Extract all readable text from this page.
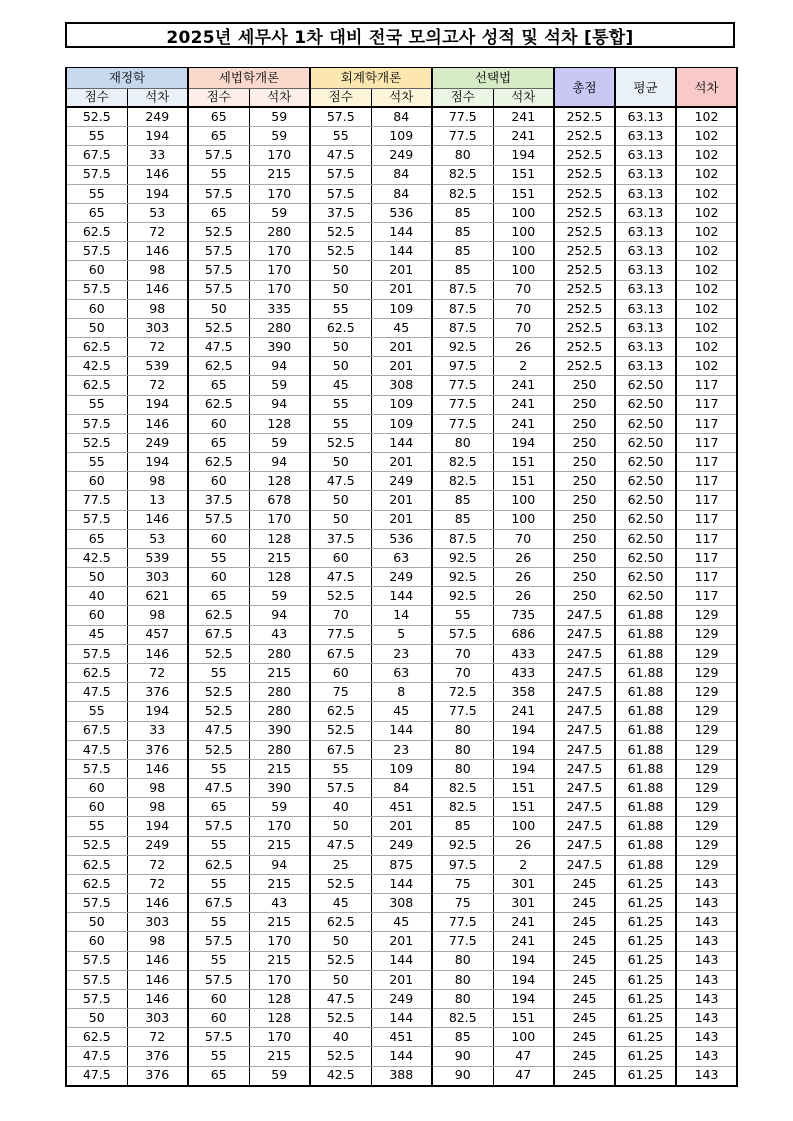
2025년 세무사 1차 대비 전국 모의고사 성적 및 석차 [통합]
재정학		세법학개론		회계학개론		선택법		총점	평균	석차
점수	석차	점수	석차	점수	석차	점수	석차			
52.5	249	65	59	57.5	84	77.5	241	252.5	63.13	102
55	194	65	59	55	109	77.5	241	252.5	63.13	102
67.5	33	57.5	170	47.5	249	80	194	252.5	63.13	102
57.5	146	55	215	57.5	84	82.5	151	252.5	63.13	102
55	194	57.5	170	57.5	84	82.5	151	252.5	63.13	102
65	53	65	59	37.5	536	85	100	252.5	63.13	102
62.5	72	52.5	280	52.5	144	85	100	252.5	63.13	102
57.5	146	57.5	170	52.5	144	85	100	252.5	63.13	102
60	98	57.5	170	50	201	85	100	252.5	63.13	102
57.5	146	57.5	170	50	201	87.5	70	252.5	63.13	102
60	98	50	335	55	109	87.5	70	252.5	63.13	102
50	303	52.5	280	62.5	45	87.5	70	252.5	63.13	102
62.5	72	47.5	390	50	201	92.5	26	252.5	63.13	102
42.5	539	62.5	94	50	201	97.5	2	252.5	63.13	102
62.5	72	65	59	45	308	77.5	241	250	62.50	117
55	194	62.5	94	55	109	77.5	241	250	62.50	117
57.5	146	60	128	55	109	77.5	241	250	62.50	117
52.5	249	65	59	52.5	144	80	194	250	62.50	117
55	194	62.5	94	50	201	82.5	151	250	62.50	117
60	98	60	128	47.5	249	82.5	151	250	62.50	117
77.5	13	37.5	678	50	201	85	100	250	62.50	117
57.5	146	57.5	170	50	201	85	100	250	62.50	117
65	53	60	128	37.5	536	87.5	70	250	62.50	117
42.5	539	55	215	60	63	92.5	26	250	62.50	117
50	303	60	128	47.5	249	92.5	26	250	62.50	117
40	621	65	59	52.5	144	92.5	26	250	62.50	117
60	98	62.5	94	70	14	55	735	247.5	61.88	129
45	457	67.5	43	77.5	5	57.5	686	247.5	61.88	129
57.5	146	52.5	280	67.5	23	70	433	247.5	61.88	129
62.5	72	55	215	60	63	70	433	247.5	61.88	129
47.5	376	52.5	280	75	8	72.5	358	247.5	61.88	129
55	194	52.5	280	62.5	45	77.5	241	247.5	61.88	129
67.5	33	47.5	390	52.5	144	80	194	247.5	61.88	129
47.5	376	52.5	280	67.5	23	80	194	247.5	61.88	129
57.5	146	55	215	55	109	80	194	247.5	61.88	129
60	98	47.5	390	57.5	84	82.5	151	247.5	61.88	129
60	98	65	59	40	451	82.5	151	247.5	61.88	129
55	194	57.5	170	50	201	85	100	247.5	61.88	129
52.5	249	55	215	47.5	249	92.5	26	247.5	61.88	129
62.5	72	62.5	94	25	875	97.5	2	247.5	61.88	129
62.5	72	55	215	52.5	144	75	301	245	61.25	143
57.5	146	67.5	43	45	308	75	301	245	61.25	143
50	303	55	215	62.5	45	77.5	241	245	61.25	143
60	98	57.5	170	50	201	77.5	241	245	61.25	143
57.5	146	55	215	52.5	144	80	194	245	61.25	143
57.5	146	57.5	170	50	201	80	194	245	61.25	143
57.5	146	60	128	47.5	249	80	194	245	61.25	143
50	303	60	128	52.5	144	82.5	151	245	61.25	143
62.5	72	57.5	170	40	451	85	100	245	61.25	143
47.5	376	55	215	52.5	144	90	47	245	61.25	143
47.5	376	65	59	42.5	388	90	47	245	61.25	143
